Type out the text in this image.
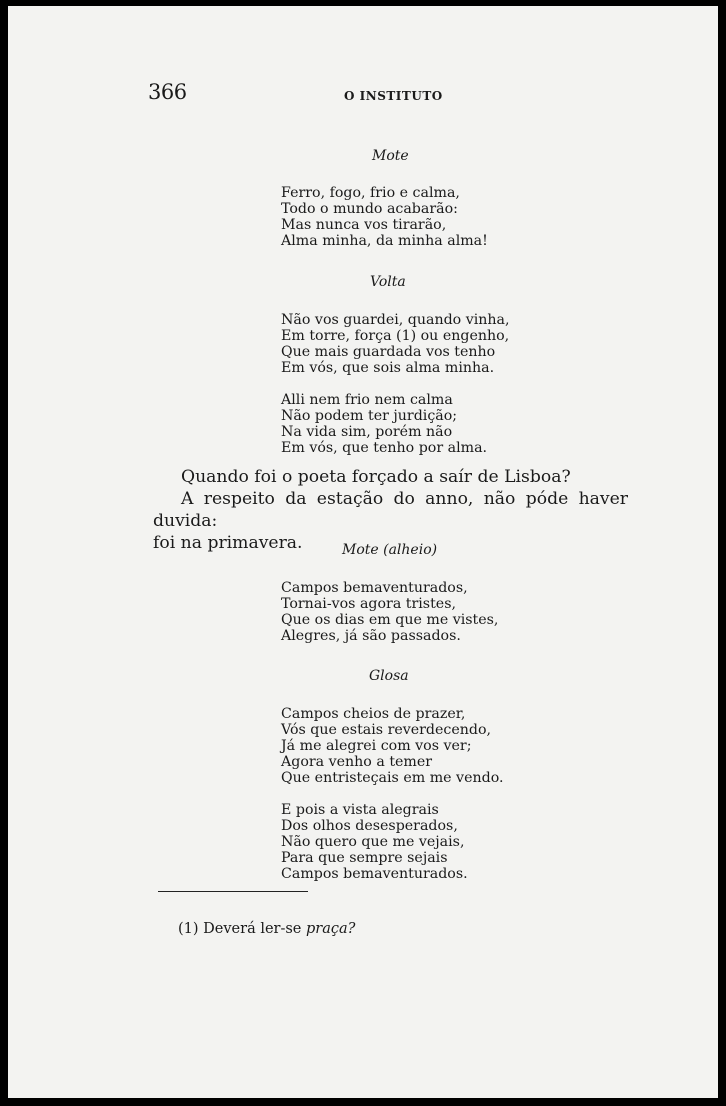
366	O INSTITUTO
Mote
Ferro, fogo, frio e calma,
Todo o mundo acabarão:
Mas nunca vos tirarão,
Alma minha, da minha alma!
Volta
Não vos guardei, quando vinha,
Em torre, força (1) ou engenho,
Que mais guardada vos tenho
Em vós, que sois alma minha.
Alli nem frio nem calma
Não podem ter jurdição;
Na vida sim, porém não
Em vós, que tenho por alma.

Quando foi o poeta forçado a saír de Lisboa?

A respeito da estação do anno, não póde haver duvida:

foi na primavera.	Mote (alheio)
Campos bemaventurados,
Tornai-vos agora tristes,
Que os dias em que me vistes,
Alegres, já são passados.
Glosa
Campos cheios de prazer,
Vós que estais reverdecendo,
Já me alegrei com vos ver;
Agora venho a temer
Que entristeçais em me vendo.
E pois a vista alegrais
Dos olhos desesperados,
Não quero que me vejais,
Para que sempre sejais
Campos bemaventurados.
(1) Deverá ler-se praça?
